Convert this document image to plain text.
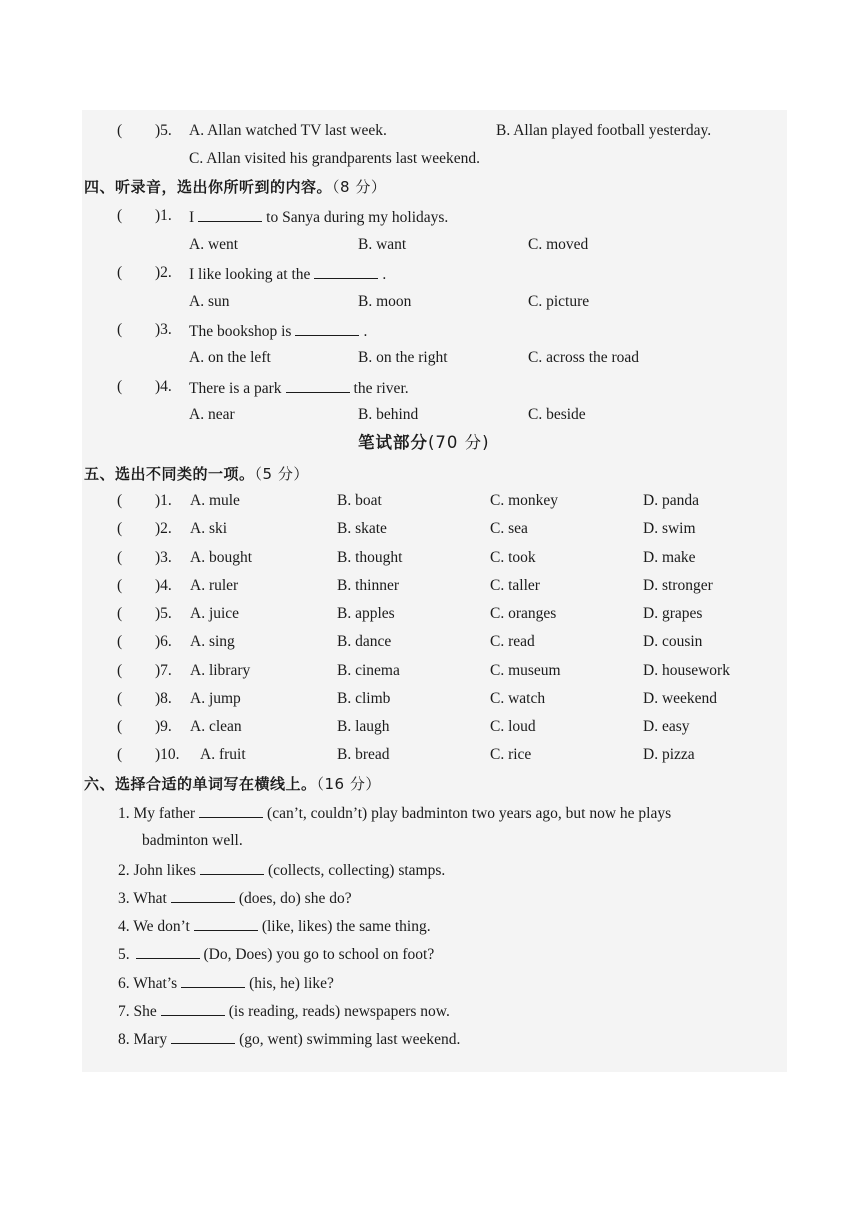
( )5. A. Allan watched TV last week.	B. Allan played football yesterday.
C. Allan visited his grandparents last weekend.
四、听录音，选出你所听到的内容。（8 分）
( )1. I	to Sanya during my holidays.
A. went	B. want	C. moved
( )2. I like looking at the	.
A. sun	B. moon	C. picture
( )3. The bookshop is	.
A. on the left	B. on the right	C. across the road
( )4. There is a park	the river.
A. near	B. behind	C. beside
笔试部分(70 分)
五、选出不同类的一项。（5 分）
( )1. A. mule	B. boat	C. monkey	D. panda
( )2. A. ski	B. skate	C. sea	D. swim
( )3. A. bought	B. thought	C. took	D. make
( )4. A. ruler	B. thinner	C. taller	D. stronger
( )5. A. juice	B. apples	C. oranges	D. grapes
( )6. A. sing	B. dance	C. read	D. cousin
( )7. A. library	B. cinema	C. museum	D. housework
( )8. A. jump	B. climb	C. watch	D. weekend
( )9. A. clean	B. laugh	C. loud	D. easy
( )10. A. fruit	B. bread	C. rice	D. pizza
六、选择合适的单词写在横线上。（16 分）
1. My father	(can’t, couldn’t) play badminton two years ago, but now he plays
badminton well.
2. John likes	(collects, collecting) stamps.
3. What	(does, do) she do?
4. We don’t	(like, likes) the same thing.
5.	(Do, Does) you go to school on foot?
6. What’s	(his, he) like?
7. She	(is reading, reads) newspapers now.
8. Mary	(go, went) swimming last weekend.
